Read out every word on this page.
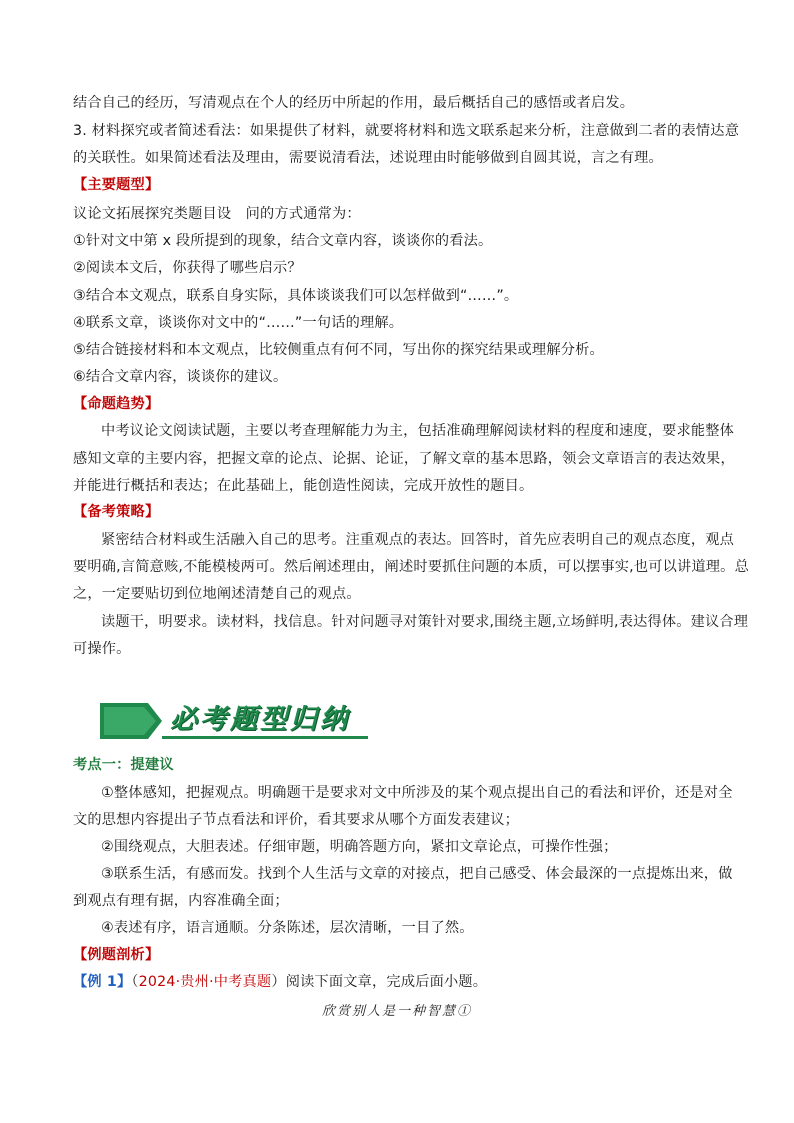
结合自己的经历，写清观点在个人的经历中所起的作用，最后概括自己的感悟或者启发。
3. 材料探究或者简述看法：如果提供了材料，就要将材料和选文联系起来分析，注意做到二者的表情达意
的关联性。如果简述看法及理由，需要说清看法，述说理由时能够做到自圆其说，言之有理。
【主要题型】
议论文拓展探究类题目设　问的方式通常为：
①针对文中第 x 段所提到的现象，结合文章内容，谈谈你的看法。
②阅读本文后，你获得了哪些启示？
③结合本文观点，联系自身实际，具体谈谈我们可以怎样做到“……”。
④联系文章，谈谈你对文中的“……”一句话的理解。
⑤结合链接材料和本文观点，比较侧重点有何不同，写出你的探究结果或理解分析。
⑥结合文章内容，谈谈你的建议。
【命题趋势】
中考议论文阅读试题，主要以考查理解能力为主，包括准确理解阅读材料的程度和速度，要求能整体
感知文章的主要内容，把握文章的论点、论据、论证，了解文章的基本思路，领会文章语言的表达效果，
并能进行概括和表达；在此基础上，能创造性阅读，完成开放性的题目。
【备考策略】
紧密结合材料或生活融入自己的思考。注重观点的表达。回答时，首先应表明自己的观点态度，观点
要明确,言简意赅,不能模棱两可。然后阐述理由，阐述时要抓住问题的本质，可以摆事实,也可以讲道理。总
之，一定要贴切到位地阐述清楚自己的观点。
读题干，明要求。读材料，找信息。针对问题寻对策针对要求,围绕主题,立场鲜明,表达得体。建议合理
可操作。
必考题型归纳
考点一：提建议
①整体感知，把握观点。明确题干是要求对文中所涉及的某个观点提出自己的看法和评价，还是对全
文的思想内容提出子节点看法和评价，看其要求从哪个方面发表建议；
②围绕观点，大胆表述。仔细审题，明确答题方向，紧扣文章论点，可操作性强；
③联系生活，有感而发。找到个人生活与文章的对接点，把自己感受、体会最深的一点提炼出来，做
到观点有理有据，内容准确全面；
④表述有序，语言通顺。分条陈述，层次清晰，一目了然。
【例题剖析】
【例 1】（2024·贵州·中考真题）阅读下面文章，完成后面小题。
欣赏别人是一种智慧①
